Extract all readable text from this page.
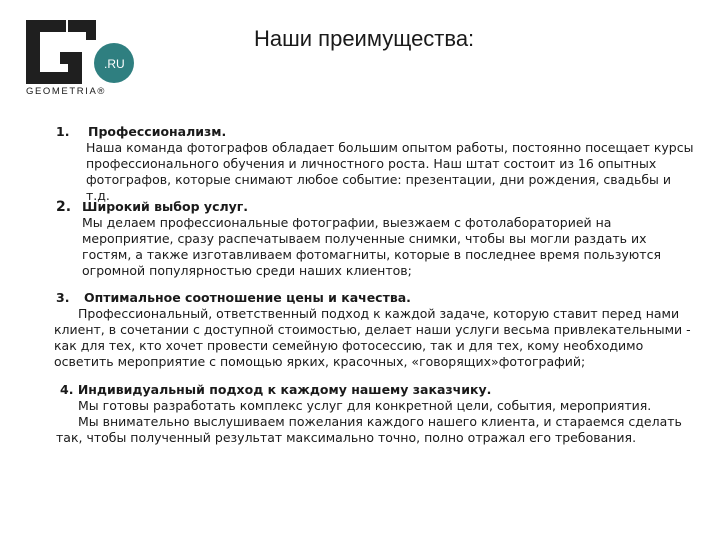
.RU
GEOMETRIA®
Наши преимущества:
1. Профессионализм.
Наша команда фотографов обладает большим опытом работы, постоянно посещает курсы
профессионального обучения и личностного роста. Наш штат состоит из 16 опытных
фотографов, которые снимают любое событие: презентации, дни рождения, свадьбы и т.д.
2. Широкий выбор услуг.
Мы делаем профессиональные фотографии, выезжаем с фотолабораторией на
мероприятие, сразу распечатываем полученные снимки, чтобы вы могли раздать их
гостям, а также изготавливаем фотомагниты, которые в последнее время пользуются
огромной популярностью среди наших клиентов;
3. Оптимальное соотношение цены и качества.
Профессиональный, ответственный подход к каждой задаче, которую ставит перед нами
клиент, в сочетании с доступной стоимостью, делает наши услуги весьма привлекательными -
как для тех, кто хочет провести семейную фотосессию, так и для тех, кому необходимо
осветить мероприятие с помощью ярких, красочных, «говорящих»фотографий;
4. Индивидуальный подход к каждому нашему заказчику.
Мы готовы разработать комплекс услуг для конкретной цели, события, мероприятия.
Мы внимательно выслушиваем пожелания каждого нашего клиента, и стараемся сделать
так, чтобы полученный результат максимально точно, полно отражал его требования.
